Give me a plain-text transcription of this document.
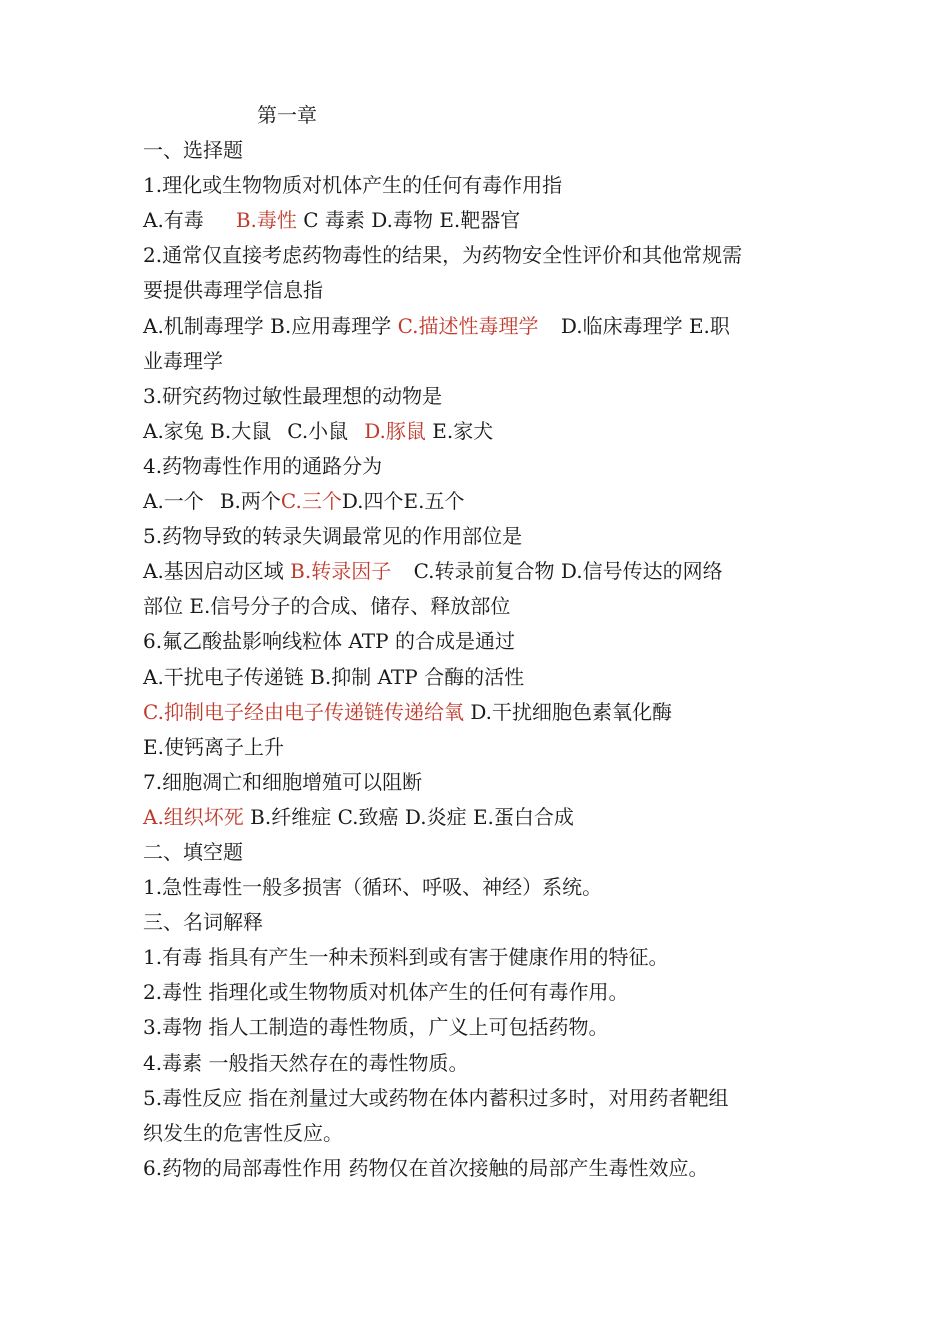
第一章

一、选择题

1.理化或生物物质对机体产生的任何有毒作用指

A.有毒 B.毒性 C 毒素 D.毒物 E.靶器官

2.通常仅直接考虑药物毒性的结果，为药物安全性评价和其他常规需

要提供毒理学信息指

A.机制毒理学 B.应用毒理学 C.描述性毒理学 D.临床毒理学 E.职

业毒理学

3.研究药物过敏性最理想的动物是

A.家兔 B.大鼠 C.小鼠 D.豚鼠 E.家犬

4.药物毒性作用的通路分为

A.一个 B.两个C.三个D.四个E.五个

5.药物导致的转录失调最常见的作用部位是

A.基因启动区域 B.转录因子 C.转录前复合物 D.信号传达的网络

部位 E.信号分子的合成、储存、释放部位

6.氟乙酸盐影响线粒体 ATP 的合成是通过

A.干扰电子传递链 B.抑制 ATP 合酶的活性

C.抑制电子经由电子传递链传递给氧 D.干扰细胞色素氧化酶

E.使钙离子上升

7.细胞凋亡和细胞增殖可以阻断

A.组织坏死 B.纤维症 C.致癌 D.炎症 E.蛋白合成

二、填空题

1.急性毒性一般多损害（循环、呼吸、神经）系统。

三、名词解释

1.有毒 指具有产生一种未预料到或有害于健康作用的特征。

2.毒性 指理化或生物物质对机体产生的任何有毒作用。

3.毒物 指人工制造的毒性物质，广义上可包括药物。

4.毒素 一般指天然存在的毒性物质。

5.毒性反应 指在剂量过大或药物在体内蓄积过多时，对用药者靶组

织发生的危害性反应。

6.药物的局部毒性作用 药物仅在首次接触的局部产生毒性效应。
